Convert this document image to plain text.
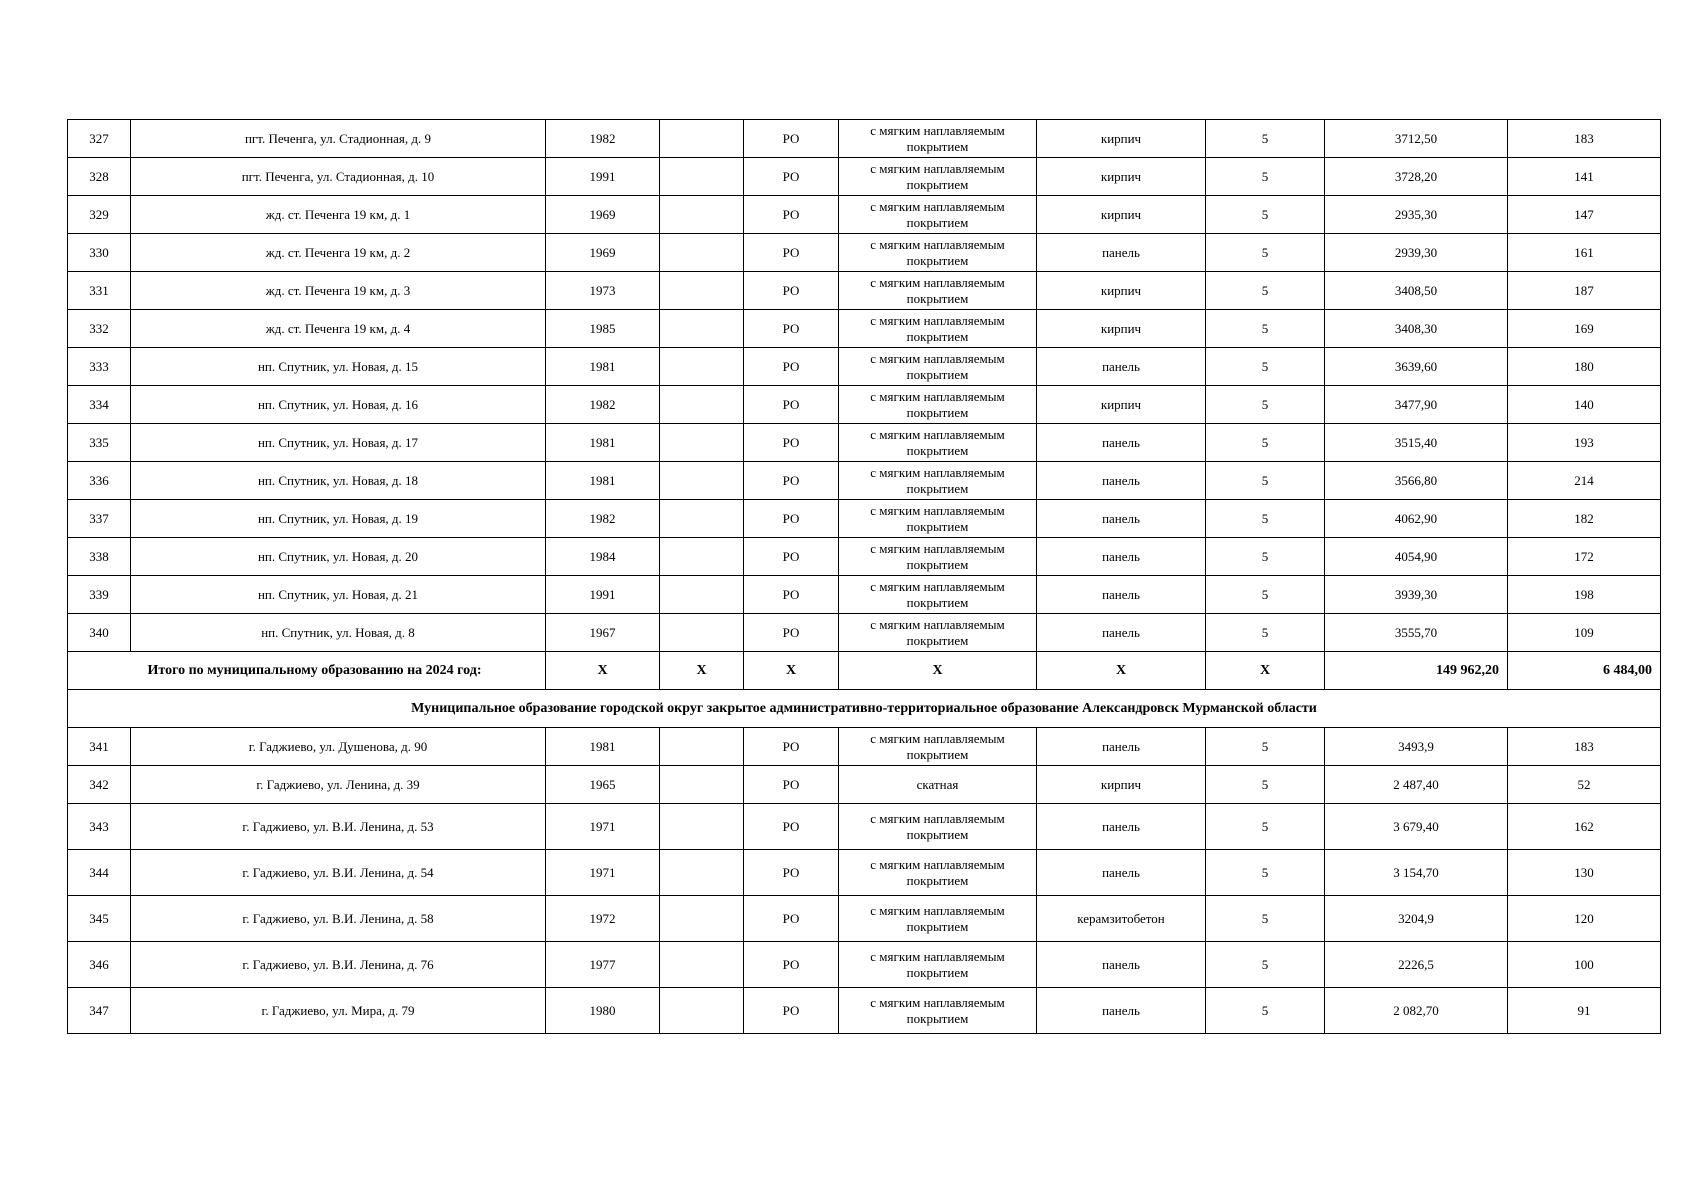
327	пгт. Печенга, ул. Стадионная, д. 9	1982		РО	с мягким наплавляемым покрытием	кирпич	5	3712,50	183
328	пгт. Печенга, ул. Стадионная, д. 10	1991		РО	с мягким наплавляемым покрытием	кирпич	5	3728,20	141
329	жд. ст. Печенга 19 км, д. 1	1969		РО	с мягким наплавляемым покрытием	кирпич	5	2935,30	147
330	жд. ст. Печенга 19 км, д. 2	1969		РО	с мягким наплавляемым покрытием	панель	5	2939,30	161
331	жд. ст. Печенга 19 км, д. 3	1973		РО	с мягким наплавляемым покрытием	кирпич	5	3408,50	187
332	жд. ст. Печенга 19 км, д. 4	1985		РО	с мягким наплавляемым покрытием	кирпич	5	3408,30	169
333	нп. Спутник, ул. Новая, д. 15	1981		РО	с мягким наплавляемым покрытием	панель	5	3639,60	180
334	нп. Спутник, ул. Новая, д. 16	1982		РО	с мягким наплавляемым покрытием	кирпич	5	3477,90	140
335	нп. Спутник, ул. Новая, д. 17	1981		РО	с мягким наплавляемым покрытием	панель	5	3515,40	193
336	нп. Спутник, ул. Новая, д. 18	1981		РО	с мягким наплавляемым покрытием	панель	5	3566,80	214
337	нп. Спутник, ул. Новая, д. 19	1982		РО	с мягким наплавляемым покрытием	панель	5	4062,90	182
338	нп. Спутник, ул. Новая, д. 20	1984		РО	с мягким наплавляемым покрытием	панель	5	4054,90	172
339	нп. Спутник, ул. Новая, д. 21	1991		РО	с мягким наплавляемым покрытием	панель	5	3939,30	198
340	нп. Спутник, ул. Новая, д. 8	1967		РО	с мягким наплавляемым покрытием	панель	5	3555,70	109
Итого по муниципальному образованию на 2024 год:		Х	Х	Х	Х	Х	Х	149 962,20	6 484,00
Муниципальное образование городской округ закрытое административно-территориальное образование Александровск Мурманской области									
341	г. Гаджиево, ул. Душенова, д. 90	1981		РО	с мягким наплавляемым покрытием	панель	5	3493,9	183
342	г. Гаджиево, ул. Ленина, д. 39	1965		РО	скатная	кирпич	5	2 487,40	52
343	г. Гаджиево, ул. В.И. Ленина, д. 53	1971		РО	с мягким наплавляемым покрытием	панель	5	3 679,40	162
344	г. Гаджиево, ул. В.И. Ленина, д. 54	1971		РО	с мягким наплавляемым покрытием	панель	5	3 154,70	130
345	г. Гаджиево, ул. В.И. Ленина, д. 58	1972		РО	с мягким наплавляемым покрытием	керамзитобетон	5	3204,9	120
346	г. Гаджиево, ул. В.И. Ленина, д. 76	1977		РО	с мягким наплавляемым покрытием	панель	5	2226,5	100
347	г. Гаджиево, ул. Мира, д. 79	1980		РО	с мягким наплавляемым покрытием	панель	5	2 082,70	91
